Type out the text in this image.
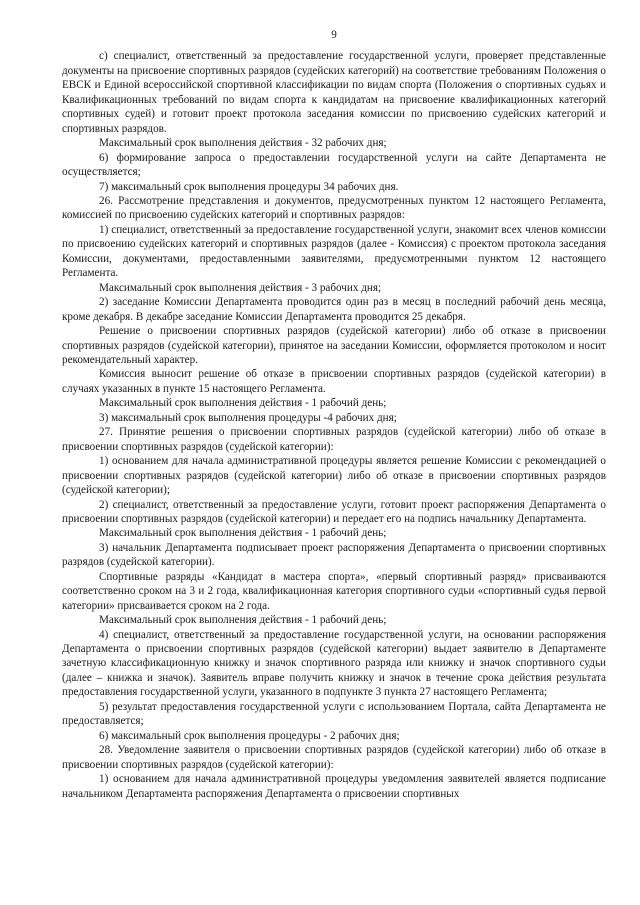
9

с) специалист, ответственный за предоставление государственной услуги, проверяет представленные документы на присвоение спортивных разрядов (судейских категорий) на соответствие требованиям Положения о ЕВСК и Единой всероссийской спортивной классификации по видам спорта (Положения о спортивных судьях и Квалификационных требований по видам спорта к кандидатам на присвоение квалификационных категорий спортивных судей) и готовит проект протокола заседания комиссии по присвоению судейских категорий и спортивных разрядов.

Максимальный срок выполнения действия - 32 рабочих дня;

6) формирование запроса о предоставлении государственной услуги на сайте Департамента не осуществляется;

7) максимальный срок выполнения процедуры 34 рабочих дня.

26. Рассмотрение представления и документов, предусмотренных пунктом 12 настоящего Регламента, комиссией по присвоению судейских категорий и спортивных разрядов:

1) специалист, ответственный за предоставление государственной услуги, знакомит всех членов комиссии по присвоению судейских категорий и спортивных разрядов (далее - Комиссия) с проектом протокола заседания Комиссии, документами, предоставленными заявителями, предусмотренными пунктом 12 настоящего Регламента.

Максимальный срок выполнения действия - 3 рабочих дня;

2) заседание Комиссии Департамента проводится один раз в месяц в последний рабочий день месяца, кроме декабря. В декабре заседание Комиссии Департамента проводится 25 декабря.

Решение о присвоении спортивных разрядов (судейской категории) либо об отказе в присвоении спортивных разрядов (судейской категории), принятое на заседании Комиссии, оформляется протоколом и носит рекомендательный характер.

Комиссия выносит решение об отказе в присвоении спортивных разрядов (судейской категории) в случаях указанных в пункте 15 настоящего Регламента.

Максимальный срок выполнения действия - 1 рабочий день;

3) максимальный срок выполнения процедуры -4 рабочих дня;

27. Принятие решения о присвоении спортивных разрядов (судейской категории) либо об отказе в присвоении спортивных разрядов (судейской категории):

1) основанием для начала административной процедуры является решение Комиссии с рекомендацией о присвоении спортивных разрядов (судейской категории) либо об отказе в присвоении спортивных разрядов (судейской категории);

2) специалист, ответственный за предоставление услуги, готовит проект распоряжения Департамента о присвоении спортивных разрядов (судейской категории) и передает его на подпись начальнику Департамента.

Максимальный срок выполнения действия - 1 рабочий день;

3) начальник Департамента подписывает проект распоряжения Департамента о присвоении спортивных разрядов (судейской категории).

Спортивные разряды «Кандидат в мастера спорта», «первый спортивный разряд» присваиваются соответственно сроком на 3 и 2 года, квалификационная категория спортивного судьи «спортивный судья первой категории» присваивается сроком на 2 года.

Максимальный срок выполнения действия - 1 рабочий день;

4) специалист, ответственный за предоставление государственной услуги, на основании распоряжения Департамента о присвоении спортивных разрядов (судейской категории) выдает заявителю в Департаменте зачетную классификационную книжку и значок спортивного разряда или книжку и значок спортивного судьи (далее – книжка и значок). Заявитель вправе получить книжку и значок в течение срока действия результата предоставления государственной услуги, указанного в подпункте 3 пункта 27 настоящего Регламента;

5) результат предоставления государственной услуги с использованием Портала, сайта Департамента не предоставляется;

6) максимальный срок выполнения процедуры - 2 рабочих дня;

28. Уведомление заявителя о присвоении спортивных разрядов (судейской категории) либо об отказе в присвоении спортивных разрядов (судейской категории):

1) основанием для начала административной процедуры уведомления заявителей является подписание начальником Департамента распоряжения Департамента о присвоении спортивных
